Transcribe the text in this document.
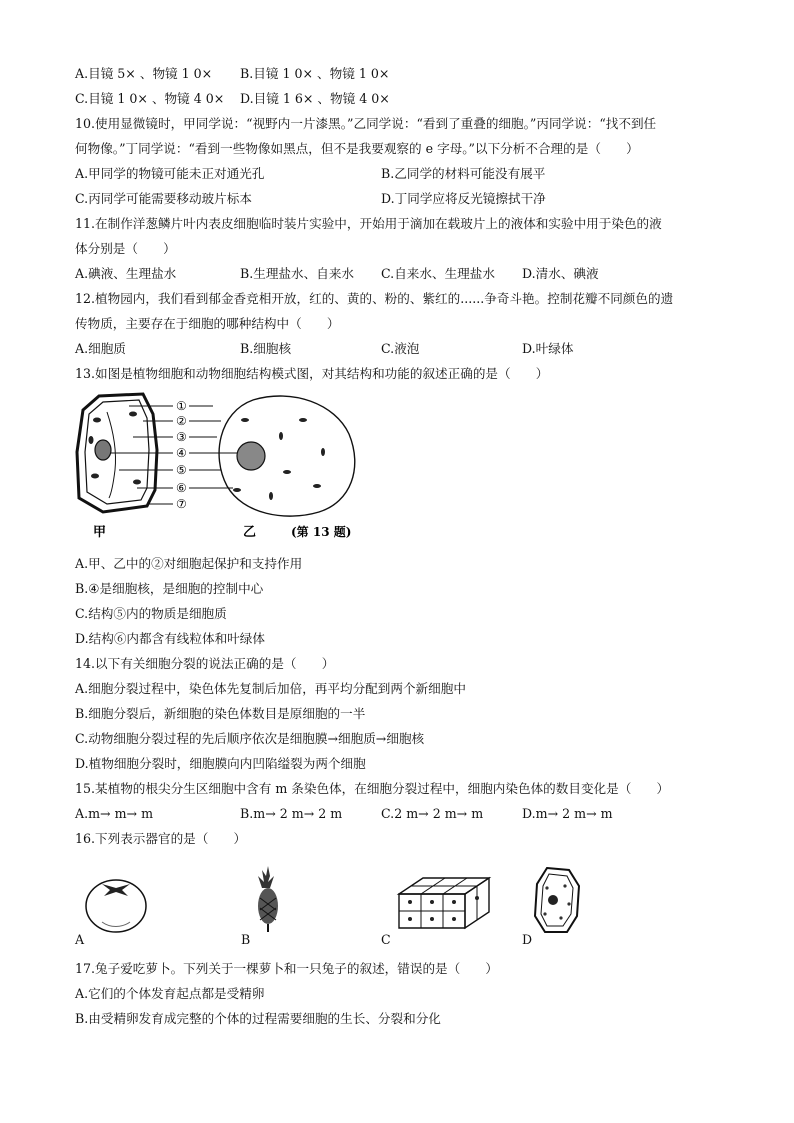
A.目镜 5× 、物镜 1 0× B.目镜 1 0× 、物镜 1 0×
C.目镜 1 0× 、物镜 4 0× D.目镜 1 6× 、物镜 4 0×
10.使用显微镜时，甲同学说：“视野内一片漆黑。”乙同学说：“看到了重叠的细胞。”丙同学说：“找不到任
何物像。”丁同学说：“看到一些物像如黑点，但不是我要观察的 e 字母。”以下分析不合理的是（　　）
A.甲同学的物镜可能未正对通光孔	B.乙同学的材料可能没有展平
C.丙同学可能需要移动玻片标本	D.丁同学应将反光镜擦拭干净
11.在制作洋葱鳞片叶内表皮细胞临时装片实验中，开始用于滴加在载玻片上的液体和实验中用于染色的液
体分别是（　　）
A.碘液、生理盐水	B.生理盐水、自来水 C.自来水、生理盐水 D.清水、碘液
12.植物园内，我们看到郁金香竞相开放，红的、黄的、粉的、紫红的......争奇斗艳。控制花瓣不同颜色的遗
传物质，主要存在于细胞的哪种结构中（　　）
A.细胞质	B.细胞核	C.液泡	D.叶绿体
13.如图是植物细胞和动物细胞结构模式图，对其结构和功能的叙述正确的是（　　）
①
②
③
④
⑤
⑥
⑦
甲	乙	(第 13 题)
A.甲、乙中的②对细胞起保护和支持作用
B.④是细胞核，是细胞的控制中心
C.结构⑤内的物质是细胞质
D.结构⑥内都含有线粒体和叶绿体
14.以下有关细胞分裂的说法正确的是（　　）
A.细胞分裂过程中，染色体先复制后加倍，再平均分配到两个新细胞中
B.细胞分裂后，新细胞的染色体数目是原细胞的一半
C.动物细胞分裂过程的先后顺序依次是细胞膜→细胞质→细胞核
D.植物细胞分裂时，细胞膜向内凹陷缢裂为两个细胞
15.某植物的根尖分生区细胞中含有 m 条染色体，在细胞分裂过程中，细胞内染色体的数目变化是（　　）
A.m→ m→ m	B.m→ 2 m→ 2 m	C.2 m→ 2 m→ m	D.m→ 2 m→ m
16.下列表示器官的是（　　）
A	B	C	D
17.兔子爱吃萝卜。下列关于一棵萝卜和一只兔子的叙述，错误的是（　　）
A.它们的个体发育起点都是受精卵
B.由受精卵发育成完整的个体的过程需要细胞的生长、分裂和分化
